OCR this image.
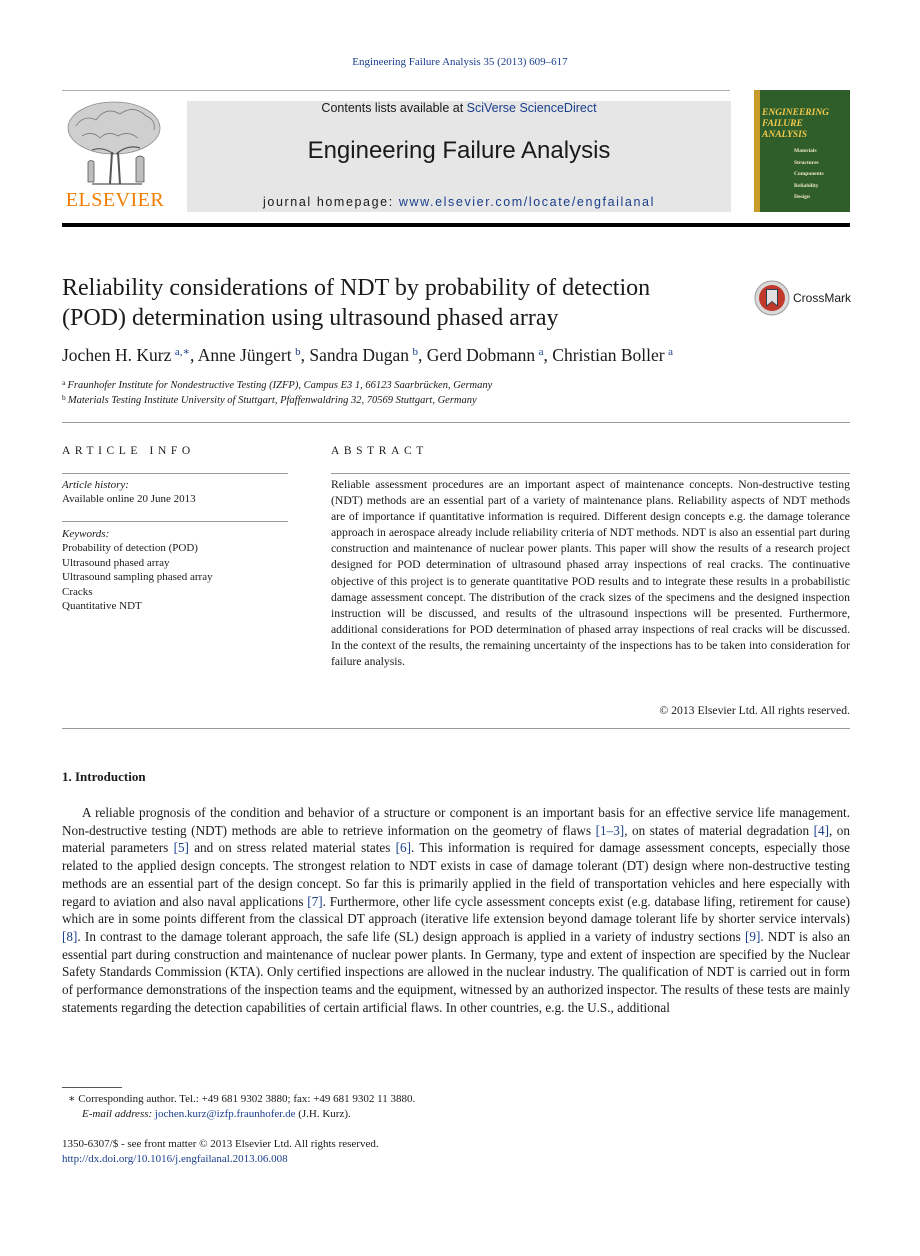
Engineering Failure Analysis 35 (2013) 609–617
ELSEVIER
Contents lists available at SciVerse ScienceDirect
Engineering Failure Analysis
journal homepage: www.elsevier.com/locate/engfailanal
ENGINEERING
FAILURE
ANALYSIS
Materials
Structures
Components
Reliability
Design
Reliability considerations of NDT by probability of detection
(POD) determination using ultrasound phased array
CrossMark
Jochen H. Kurz  $^{a,∗}$, Anne Jüngert  $^b$, Sandra Dugan  $^b$, Gerd Dobmann  $^a$, Christian Boller  $^a$
$^a$  Fraunhofer Institute for Nondestructive Testing (IZFP), Campus E3 1, 66123 Saarbrücken, Germany
$^b$  Materials Testing Institute University of Stuttgart, Pfaffenwaldring 32, 70569 Stuttgart, Germany
ARTICLE INFO	ABSTRACT
Article history:
Available online 20 June 2013
Keywords:
Probability of detection (POD)
Ultrasound phased array
Ultrasound sampling phased array
Cracks
Quantitative NDT
Reliable assessment procedures are an important aspect of maintenance concepts. Non-destructive testing (NDT) methods are an essential part of a variety of maintenance plans. Reliability aspects of NDT methods are of importance if quantitative information is required. Different design concepts e.g. the damage tolerance approach in aerospace already include reliability criteria of NDT methods. NDT is also an essential part during construction and maintenance of nuclear power plants. This paper will show the results of a research project designed for POD determination of ultrasound phased array inspections of real cracks. The continuative objective of this project is to generate quantitative POD results and to integrate these results in a probabilistic damage assessment concept. The distribution of the crack sizes of the specimens and the designed inspection instruction will be discussed, and results of the ultrasound inspections will be presented. Furthermore, additional considerations for POD determination of phased array inspections of real cracks will be discussed. In the context of the results, the remaining uncertainty of the inspections has to be taken into consideration for failure analysis.
© 2013 Elsevier Ltd. All rights reserved.
1. Introduction
A reliable prognosis of the condition and behavior of a structure or component is an important basis for an effective service life management. Non-destructive testing (NDT) methods are able to retrieve information on the geometry of flaws [1–3], on states of material degradation [4], on material parameters [5] and on stress related material states [6]. This information is required for damage assessment concepts, especially those related to the applied design concepts. The strongest relation to NDT exists in case of damage tolerant (DT) design where non-destructive testing methods are an essential part of the design concept. So far this is primarily applied in the field of transportation vehicles and here especially with regard to aviation and also naval applications [7]. Furthermore, other life cycle assessment concepts exist (e.g. database lifing, retirement for cause) which are in some points different from the classical DT approach (iterative life extension beyond damage tolerant life by shorter service intervals) [8]. In contrast to the damage tolerant approach, the safe life (SL) design approach is applied in a variety of industry sections [9]. NDT is also an essential part during construction and maintenance of nuclear power plants. In Germany, type and extent of inspection are specified by the Nuclear Safety Standards Commission (KTA). Only certified inspections are allowed in the nuclear industry. The qualification of NDT is carried out in form of performance demonstrations of the inspection teams and the equipment, witnessed by an authorized inspector. The results of these tests are mainly statements regarding the detection capabilities of certain artificial flaws. In other countries, e.g. the U.S., additional
∗ Corresponding author. Tel.: +49 681 9302 3880; fax: +49 681 9302 11 3880.
E-mail address: jochen.kurz@izfp.fraunhofer.de (J.H. Kurz).
1350-6307/$ - see front matter © 2013 Elsevier Ltd. All rights reserved.
http://dx.doi.org/10.1016/j.engfailanal.2013.06.008
